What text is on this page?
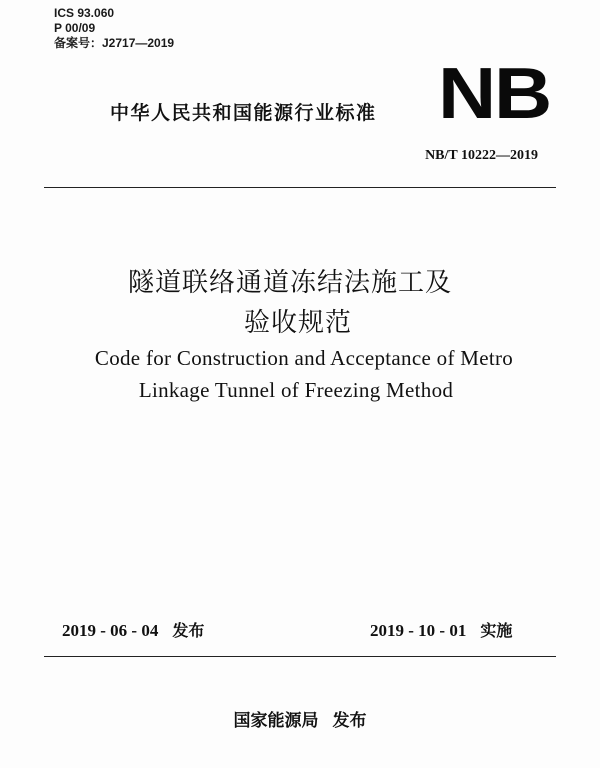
ICS 93.060
P 00/09
备案号：J2717—2019
中华人民共和国能源行业标准 NB
NB/T 10222—2019
隧道联络通道冻结法施工及
验收规范
Code for Construction and Acceptance of Metro
Linkage Tunnel of Freezing Method
2019 - 06 - 04 发布	2019 - 10 - 01 实施
国家能源局 发布
